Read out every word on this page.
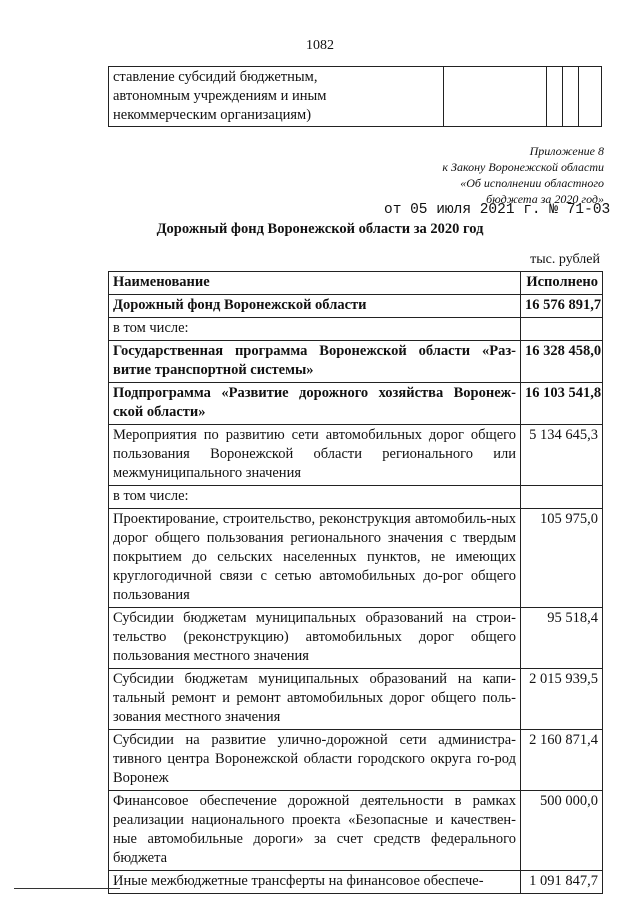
1082
ставление субсидий бюджетным,
автономным учреждениям и иным
некоммерческим организациям)

Приложение 8
к Закону Воронежской области
«Об исполнении областного
бюджета за 2020 год»
от 05 июля 2021 г. № 71-03
Дорожный фонд Воронежской области за 2020 год
тыс. рублей
Наименование	Исполнено
Дорожный фонд Воронежской области	16 576 891,7
в том числе:	
Государственная программа Воронежской области «Раз-витие транспортной системы»	16 328 458,0
Подпрограмма «Развитие дорожного хозяйства Воронеж-ской области»	16 103 541,8
Мероприятия по развитию сети автомобильных дорог общего пользования Воронежской области регионального или межмуниципального значения	5 134 645,3
в том числе:	
Проектирование, строительство, реконструкция автомобиль-ных дорог общего пользования регионального значения с твердым покрытием до сельских населенных пунктов, не имеющих круглогодичной связи с сетью автомобильных до-рог общего пользования	105 975,0
Субсидии бюджетам муниципальных образований на строи-тельство (реконструкцию) автомобильных дорог общего пользования местного значения	95 518,4
Субсидии бюджетам муниципальных образований на капи-тальный ремонт и ремонт автомобильных дорог общего поль-зования местного значения	2 015 939,5
Субсидии на развитие улично-дорожной сети администра-тивного центра Воронежской области городского округа го-род Воронеж	2 160 871,4
Финансовое обеспечение дорожной деятельности в рамках реализации национального проекта «Безопасные и качествен-ные автомобильные дороги» за счет средств федерального бюджета	500 000,0
Иные межбюджетные трансферты на финансовое обеспече-	1 091 847,7
